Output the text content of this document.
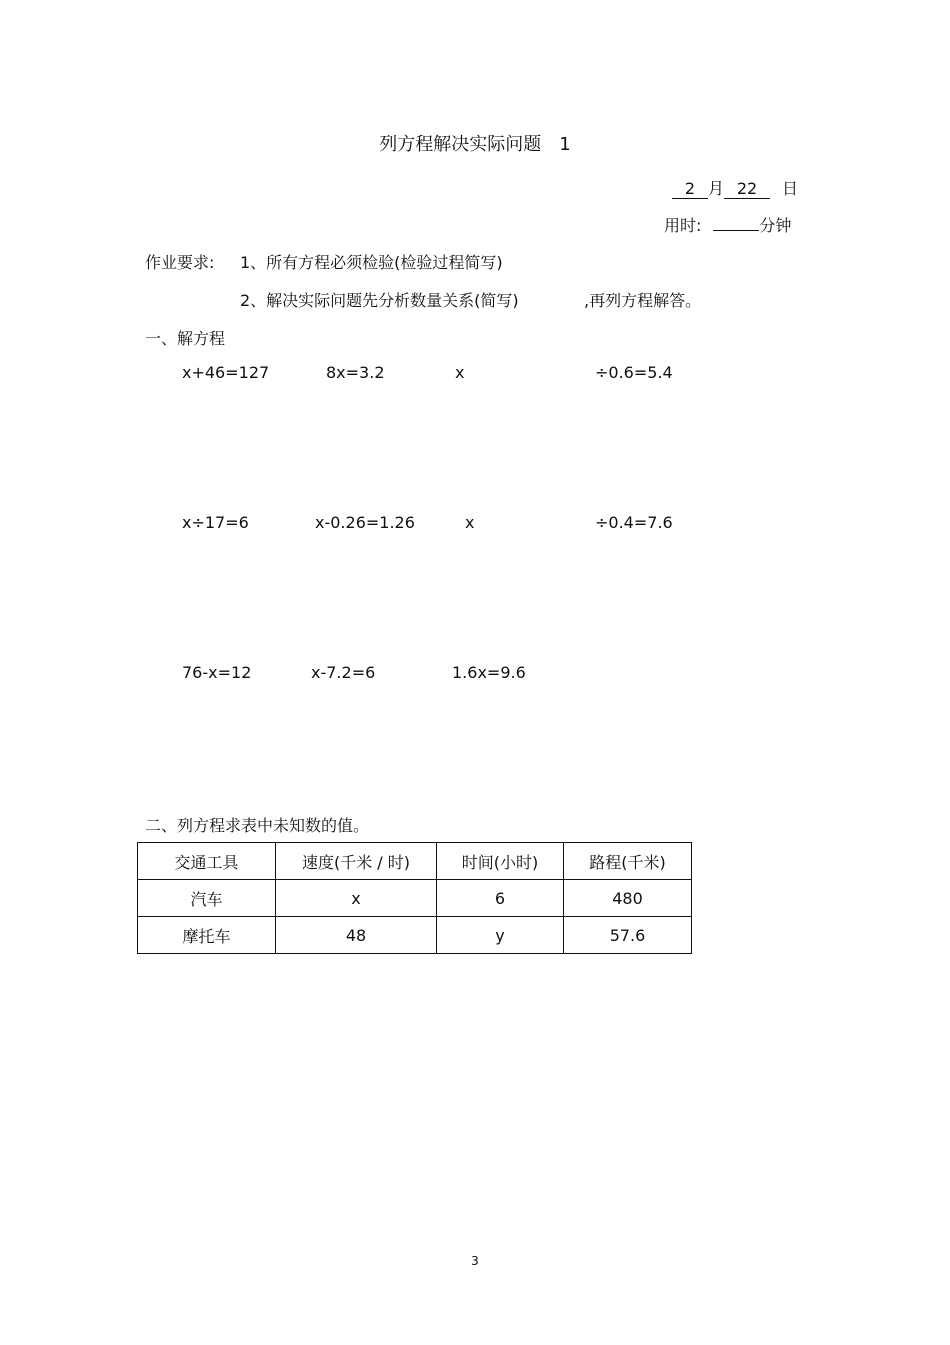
列方程解决实际问题 1
2 月 22 日
用时:	分钟
作业要求: 1、所有方程必须检验(检验过程简写)
2、解决实际问题先分析数量关系(简写)	,再列方程解答。
一、解方程
x+46=127	8x=3.2	x	÷0.6=5.4
x÷17=6	x-0.26=1.26	x	÷0.4=7.6
76-x=12	x-7.2=6	1.6x=9.6
二、列方程求表中未知数的值。
交通工具	速度(千米 / 时)	时间(小时)	路程(千米)
汽车	x	6	480
摩托车	48	y	57.6
3
